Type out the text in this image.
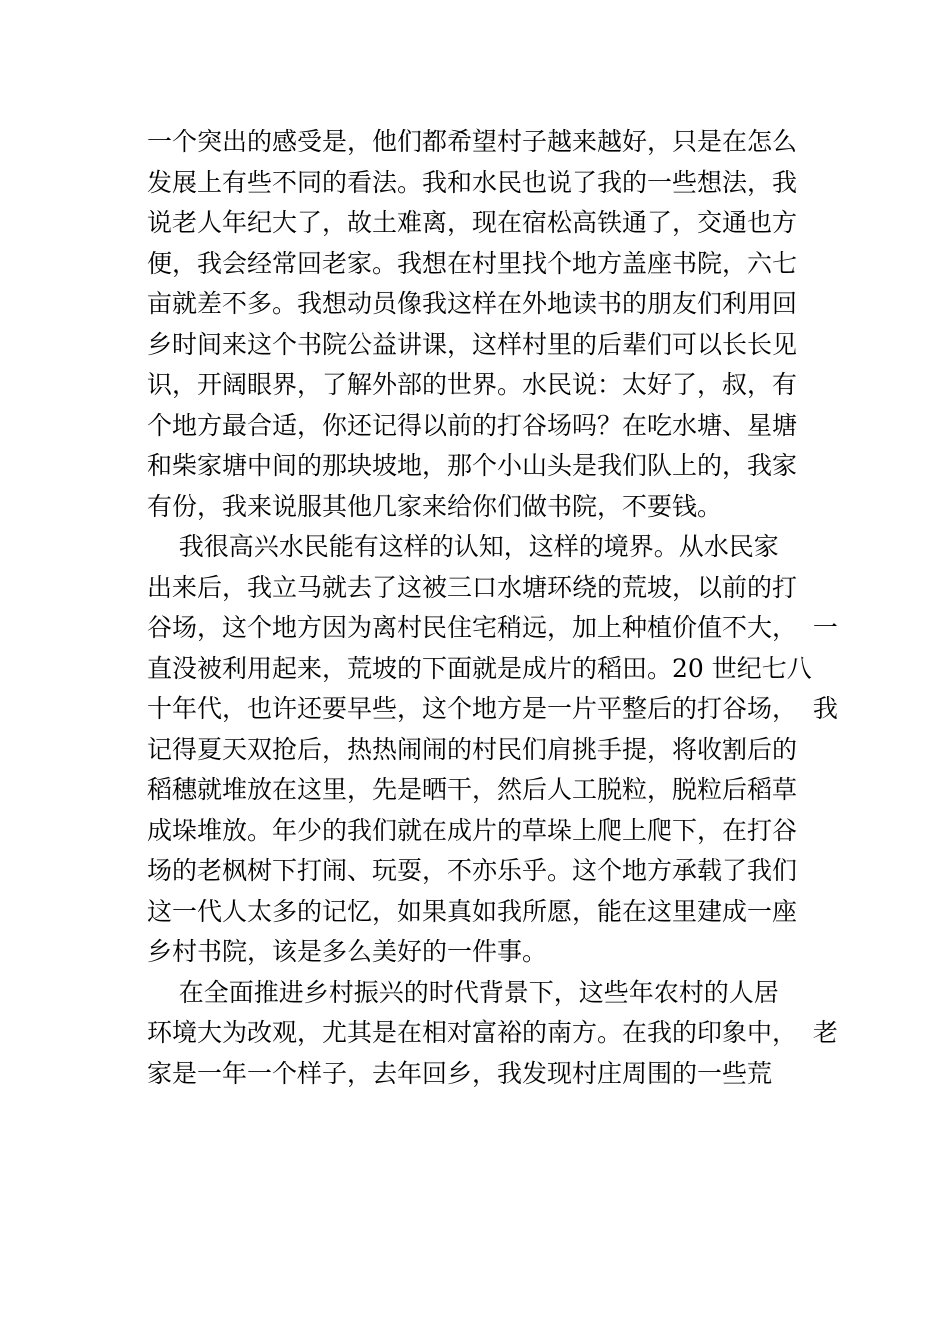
一个突出的感受是，他们都希望村子越来越好，只是在怎么
发展上有些不同的看法。我和水民也说了我的一些想法，我
说老人年纪大了，故土难离，现在宿松高铁通了，交通也方
便，我会经常回老家。我想在村里找个地方盖座书院，六七
亩就差不多。我想动员像我这样在外地读书的朋友们利用回
乡时间来这个书院公益讲课，这样村里的后辈们可以长长见
识，开阔眼界，了解外部的世界。水民说：太好了，叔，有
个地方最合适，你还记得以前的打谷场吗？在吃水塘、星塘
和柴家塘中间的那块坡地，那个小山头是我们队上的，我家
有份，我来说服其他几家来给你们做书院，不要钱。
我很高兴水民能有这样的认知，这样的境界。从水民家
出来后，我立马就去了这被三口水塘环绕的荒坡，以前的打
谷场，这个地方因为离村民住宅稍远，加上种植价值不大，  一
直没被利用起来，荒坡的下面就是成片的稻田。20 世纪七八
十年代，也许还要早些，这个地方是一片平整后的打谷场，  我
记得夏天双抢后，热热闹闹的村民们肩挑手提，将收割后的
稻穗就堆放在这里，先是晒干，然后人工脱粒，脱粒后稻草
成垛堆放。年少的我们就在成片的草垛上爬上爬下，在打谷
场的老枫树下打闹、玩耍，不亦乐乎。这个地方承载了我们
这一代人太多的记忆，如果真如我所愿，能在这里建成一座
乡村书院，该是多么美好的一件事。
在全面推进乡村振兴的时代背景下，这些年农村的人居
环境大为改观，尤其是在相对富裕的南方。在我的印象中，  老
家是一年一个样子，去年回乡，我发现村庄周围的一些荒
